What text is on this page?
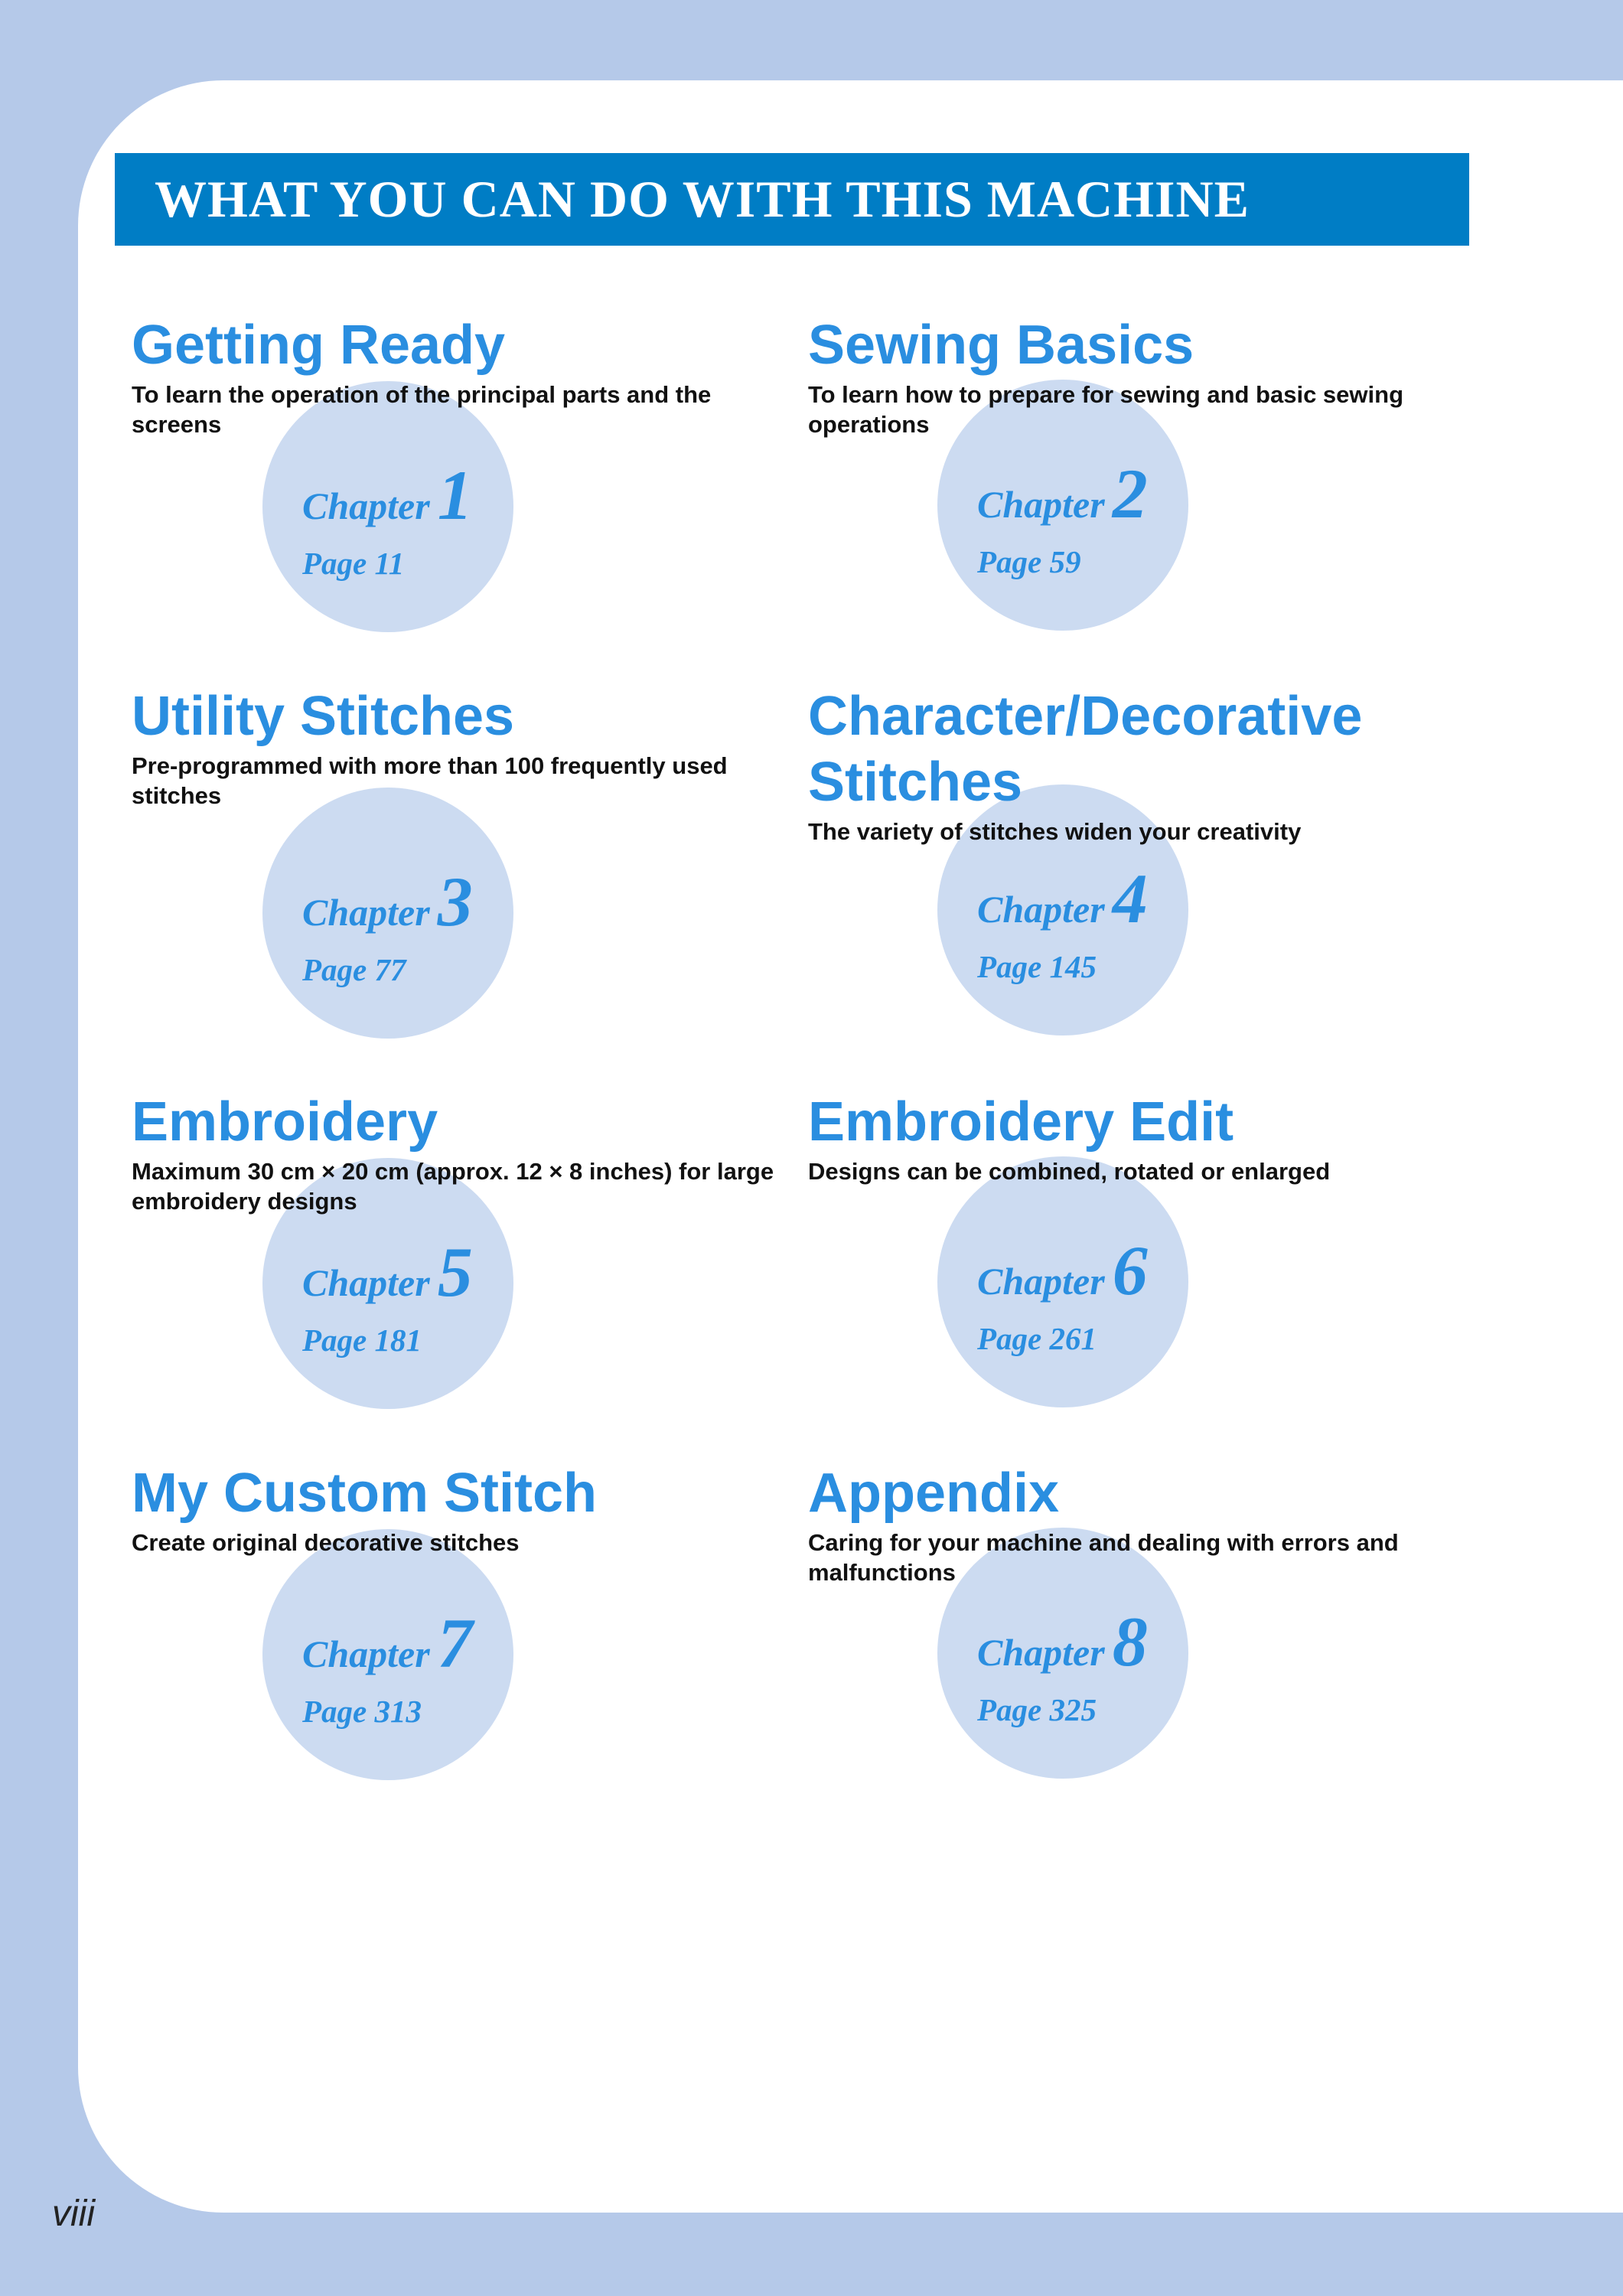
WHAT YOU CAN DO WITH THIS MACHINE
Getting Ready

To learn the operation of the principal parts and the screens

Chapter 1
Page 11
Sewing Basics

To learn how to prepare for sewing and basic sewing operations

Chapter 2
Page 59
Utility Stitches

Pre-programmed with more than 100 frequently used stitches

Chapter 3
Page 77
Character/Decorative Stitches

The variety of stitches widen your creativity

Chapter 4
Page 145
Embroidery

Maximum 30 cm × 20 cm (approx. 12 × 8 inches) for large embroidery designs

Chapter 5
Page 181
Embroidery Edit

Designs can be combined, rotated or enlarged

Chapter 6
Page 261
My Custom Stitch

Create original decorative stitches

Chapter 7
Page 313
Appendix

Caring for your machine and dealing with errors and malfunctions

Chapter 8
Page 325
viii
